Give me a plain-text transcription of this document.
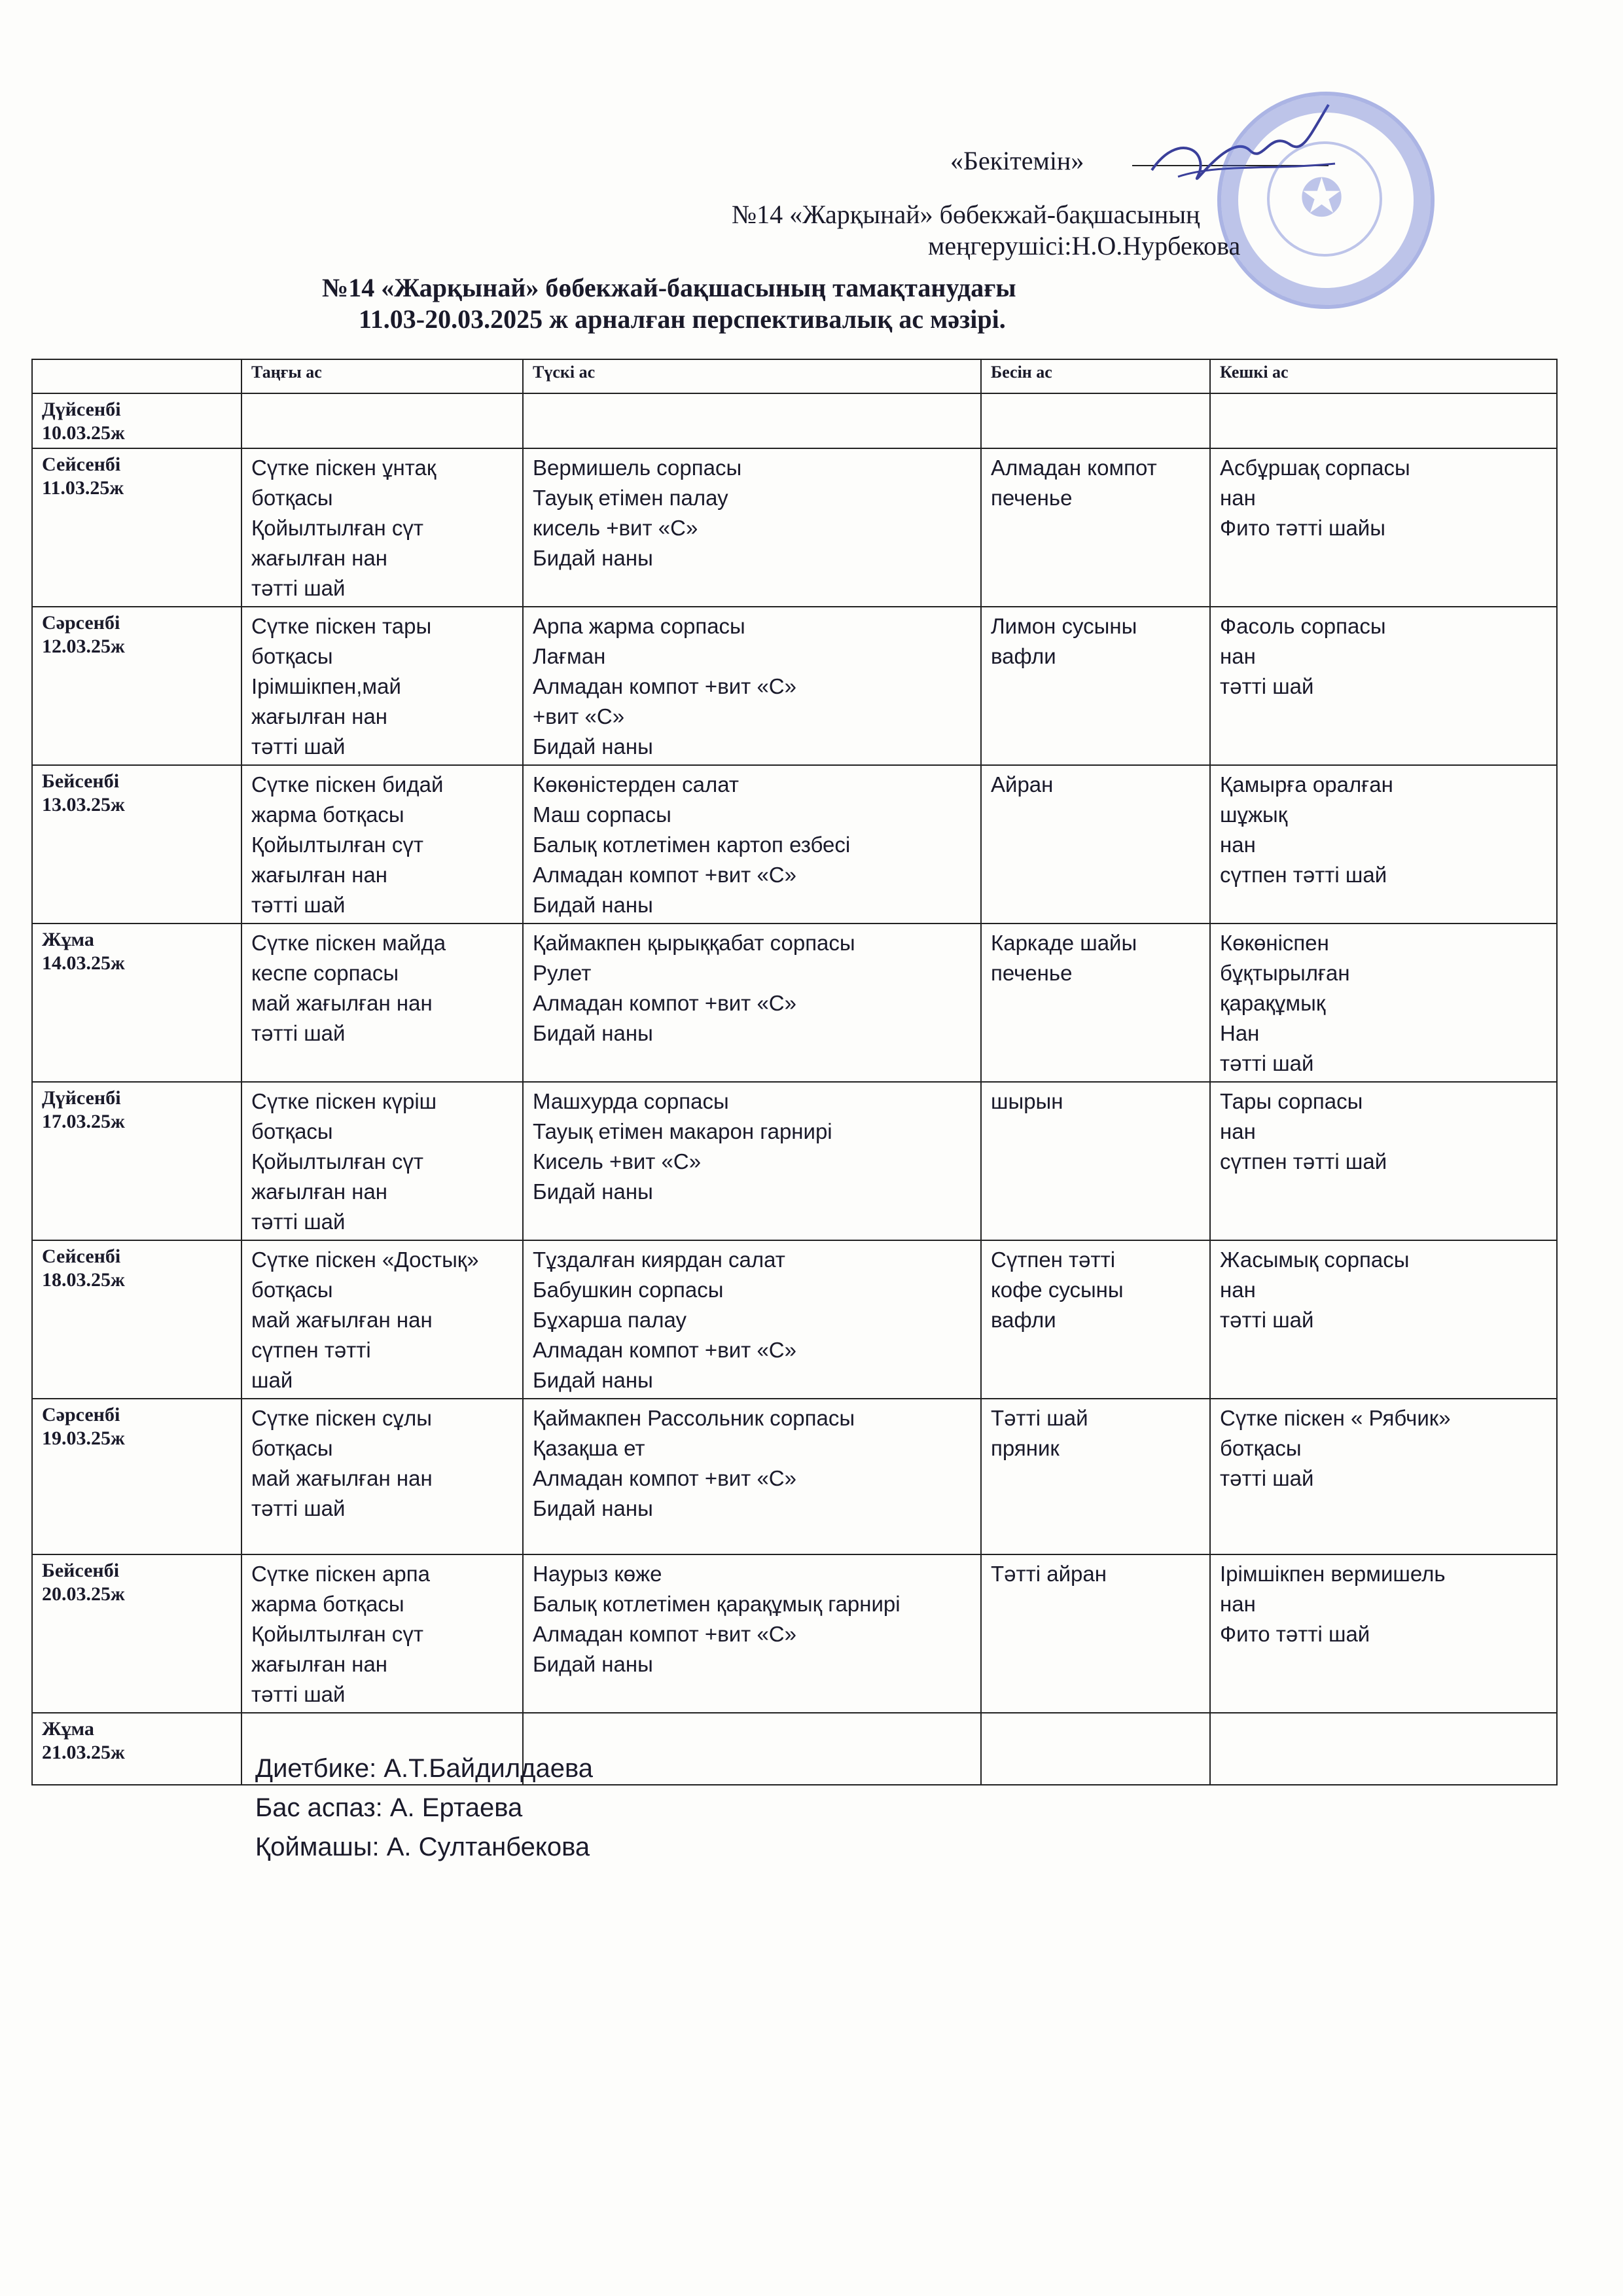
«Бекітемін»
✪
№14 «Жарқынай» бөбекжай-бақшасының
меңгерушісі:Н.О.Нурбекова
№14 «Жарқынай» бөбекжай-бақшасының тамақтанудағы
11.03-20.03.2025 ж арналған перспективалық ас мәзірі.
	Таңғы ас	Түскі ас	Бесін ас	Кешкі ас

Дүйсенбі
10.03.25ж				

Сейсенбі
11.03.25ж	Сүтке піскен ұнтақ
ботқасы
Қойылтылған сүт
жағылған нан
тәтті шай	Вермишель сорпасы
Тауық етімен палау
кисель +вит «С»
Бидай наны	Алмадан компот
печенье	Асбұршақ сорпасы
нан
Фито тәтті шайы

Сәрсенбі
12.03.25ж	Сүтке піскен тары
ботқасы
Ірімшікпен,май
жағылған нан
тәтті шай	Арпа жарма сорпасы
Лағман
Алмадан компот +вит «С»
+вит «С»
Бидай наны	Лимон сусыны
вафли	Фасоль сорпасы
нан
тәтті шай

Бейсенбі
13.03.25ж	Сүтке піскен бидай
жарма ботқасы
Қойылтылған сүт
жағылған нан
тәтті шай	Көкөністерден салат
Маш сорпасы
Балық котлетімен картоп езбесі
Алмадан компот +вит «С»
Бидай наны	Айран	Қамырға оралған
шұжық
нан
сүтпен тәтті шай

Жұма
14.03.25ж	Сүтке піскен майда
кеспе сорпасы
май жағылған нан
тәтті шай	Қаймакпен қырыққабат сорпасы
Рулет
Алмадан компот +вит «С»
Бидай наны	Каркаде шайы
печенье	Көкөніспен
бұқтырылған
қарақұмық
Нан
тәтті шай

Дүйсенбі
17.03.25ж	Сүтке піскен күріш
ботқасы
Қойылтылған сүт
жағылған нан
тәтті шай	Машхурда сорпасы
Тауық етімен макарон гарнирі
Кисель +вит «С»
Бидай наны	шырын	Тары сорпасы
нан
сүтпен тәтті шай

Сейсенбі
18.03.25ж	Сүтке піскен «Достық»
ботқасы
май жағылған нан
сүтпен тәтті
шай	Тұздалған киярдан салат
Бабушкин сорпасы
Бұхарша палау
Алмадан компот +вит «С»
Бидай наны	Сүтпен тәтті
кофе сусыны
вафли	Жасымық сорпасы
нан
тәтті шай

Сәрсенбі
19.03.25ж	Сүтке піскен сұлы
ботқасы
май жағылған нан
тәтті шай	Қаймакпен Рассольник сорпасы
Қазақша ет
Алмадан компот +вит «С»
Бидай наны	Тәтті шай
пряник	Сүтке піскен « Рябчик»
ботқасы
тәтті шай

Бейсенбі
20.03.25ж	Сүтке піскен арпа
жарма ботқасы
Қойылтылған сүт
жағылған нан
тәтті шай	Наурыз көже
Балық котлетімен қарақұмық гарнирі
Алмадан компот +вит «С»
Бидай наны	Тәтті айран	Ірімшікпен вермишель
нан
Фито тәтті шай

Жұма
21.03.25ж				

Диетбике: А.Т.Байдилдаева
Бас аспаз: А. Ертаева
Қоймашы: А. Султанбекова
